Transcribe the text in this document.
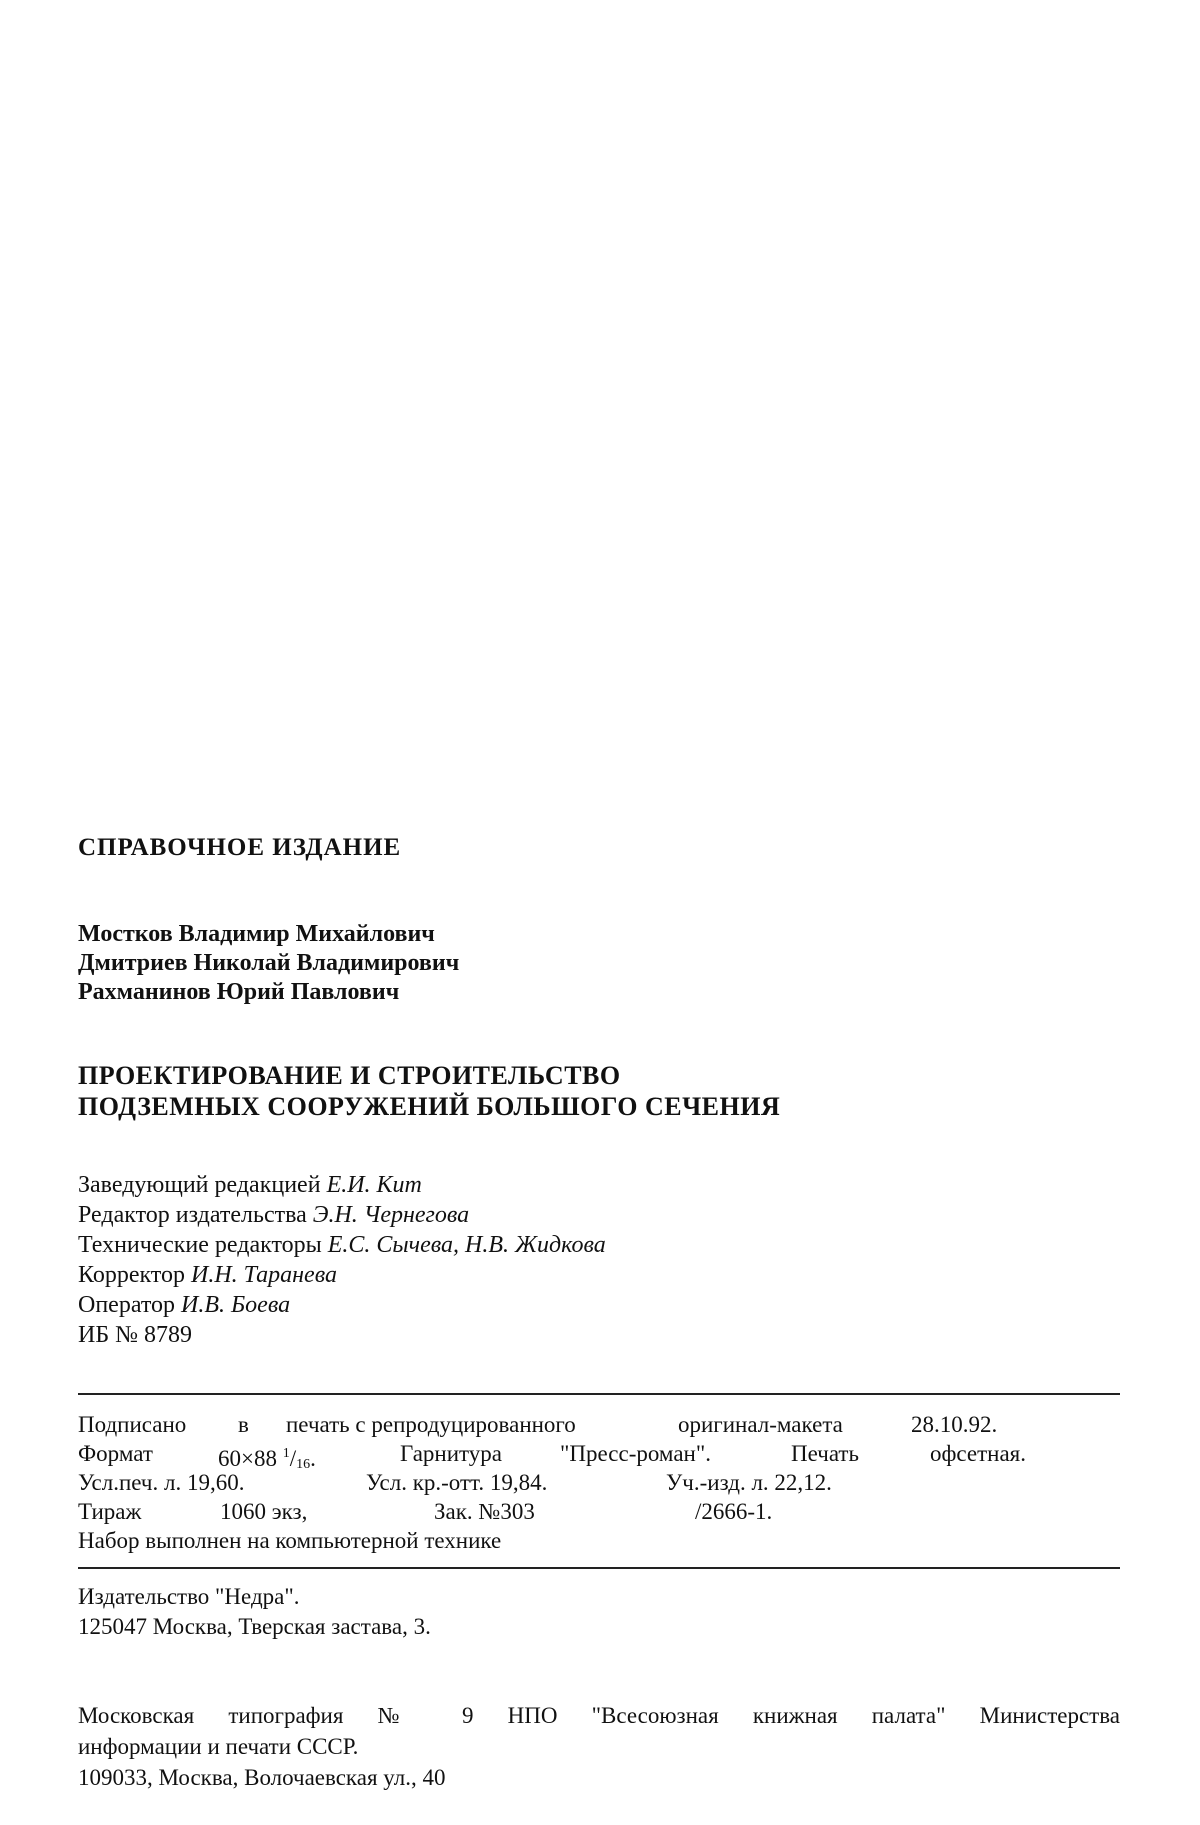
СПРАВОЧНОЕ ИЗДАНИЕ
Мостков Владимир Михайлович
Дмитриев Николай Владимирович
Рахманинов Юрий Павлович
ПРОЕКТИРОВАНИЕ И СТРОИТЕЛЬСТВО
ПОДЗЕМНЫХ СООРУЖЕНИЙ БОЛЬШОГО СЕЧЕНИЯ
Заведующий редакцией Е.И. Кит
Редактор издательства Э.Н. Чернегова
Технические редакторы Е.С. Сычева, Н.В. Жидкова
Корректор И.Н. Таранева
Оператор И.В. Боева
ИБ № 8789
Подписано в печать с репродуцированного	оригинал-макета	28.10.92.
Формат	60×88 $^1/_{16}$.	Гарнитура	"Пресс-роман".	Печать	офсетная.
Усл.печ. л. 19,60.	Усл. кр.-отт. 19,84.	Уч.-изд. л. 22,12.
Тираж	1060 экз,	Зак. №303	/2666-1.
Набор выполнен на компьютерной технике
Издательство "Недра".
125047 Москва, Тверская застава, 3.
Московская типография № 9 НПО "Всесоюзная книжная палата" Министерства
информации и печати СССР.
109033, Москва, Волочаевская ул., 40
